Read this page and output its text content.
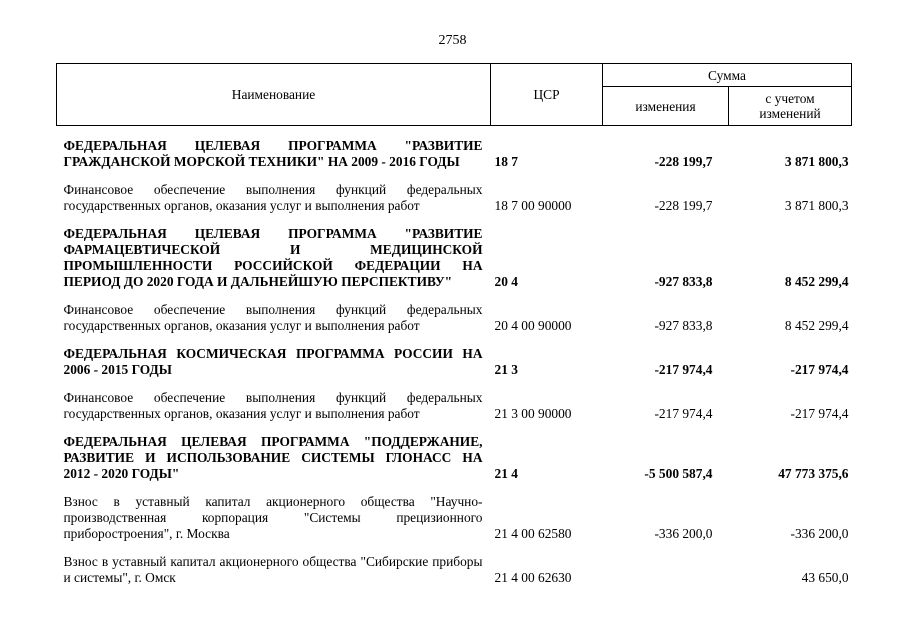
2758
Наименование	ЦСР	Сумма	
		изменения	с учетом
изменений

ФЕДЕРАЛЬНАЯ ЦЕЛЕВАЯ ПРОГРАММА "РАЗВИТИЕ
ГРАЖДАНСКОЙ МОРСКОЙ ТЕХНИКИ" НА 2009 - 2016 ГОДЫ	18 7	-228 199,7	3 871 800,3

Финансовое обеспечение выполнения функций федеральных государственных органов, оказания услуг и выполнения работ	18 7 00 90000	-228 199,7	3 871 800,3

ФЕДЕРАЛЬНАЯ ЦЕЛЕВАЯ ПРОГРАММА "РАЗВИТИЕ ФАРМАЦЕВТИЧЕСКОЙ И МЕДИЦИНСКОЙ ПРОМЫШЛЕННОСТИ РОССИЙСКОЙ ФЕДЕРАЦИИ НА
ПЕРИОД ДО 2020 ГОДА И ДАЛЬНЕЙШУЮ ПЕРСПЕКТИВУ"	20 4	-927 833,8	8 452 299,4

Финансовое обеспечение выполнения функций федеральных государственных органов, оказания услуг и выполнения работ	20 4 00 90000	-927 833,8	8 452 299,4

ФЕДЕРАЛЬНАЯ КОСМИЧЕСКАЯ ПРОГРАММА РОССИИ НА
2006 - 2015 ГОДЫ	21 3	-217 974,4	-217 974,4

Финансовое обеспечение выполнения функций федеральных государственных органов, оказания услуг и выполнения работ	21 3 00 90000	-217 974,4	-217 974,4

ФЕДЕРАЛЬНАЯ ЦЕЛЕВАЯ ПРОГРАММА "ПОДДЕРЖАНИЕ, РАЗВИТИЕ И ИСПОЛЬЗОВАНИЕ СИСТЕМЫ ГЛОНАСС НА
2012 - 2020 ГОДЫ"	21 4	-5 500 587,4	47 773 375,6

Взнос в уставный капитал акционерного общества "Научно- производственная корпорация "Системы прецизионного приборостроения", г. Москва	21 4 00 62580	-336 200,0	-336 200,0

Взнос в уставный капитал акционерного общества "Сибирские приборы и системы", г. Омск	21 4 00 62630		43 650,0
